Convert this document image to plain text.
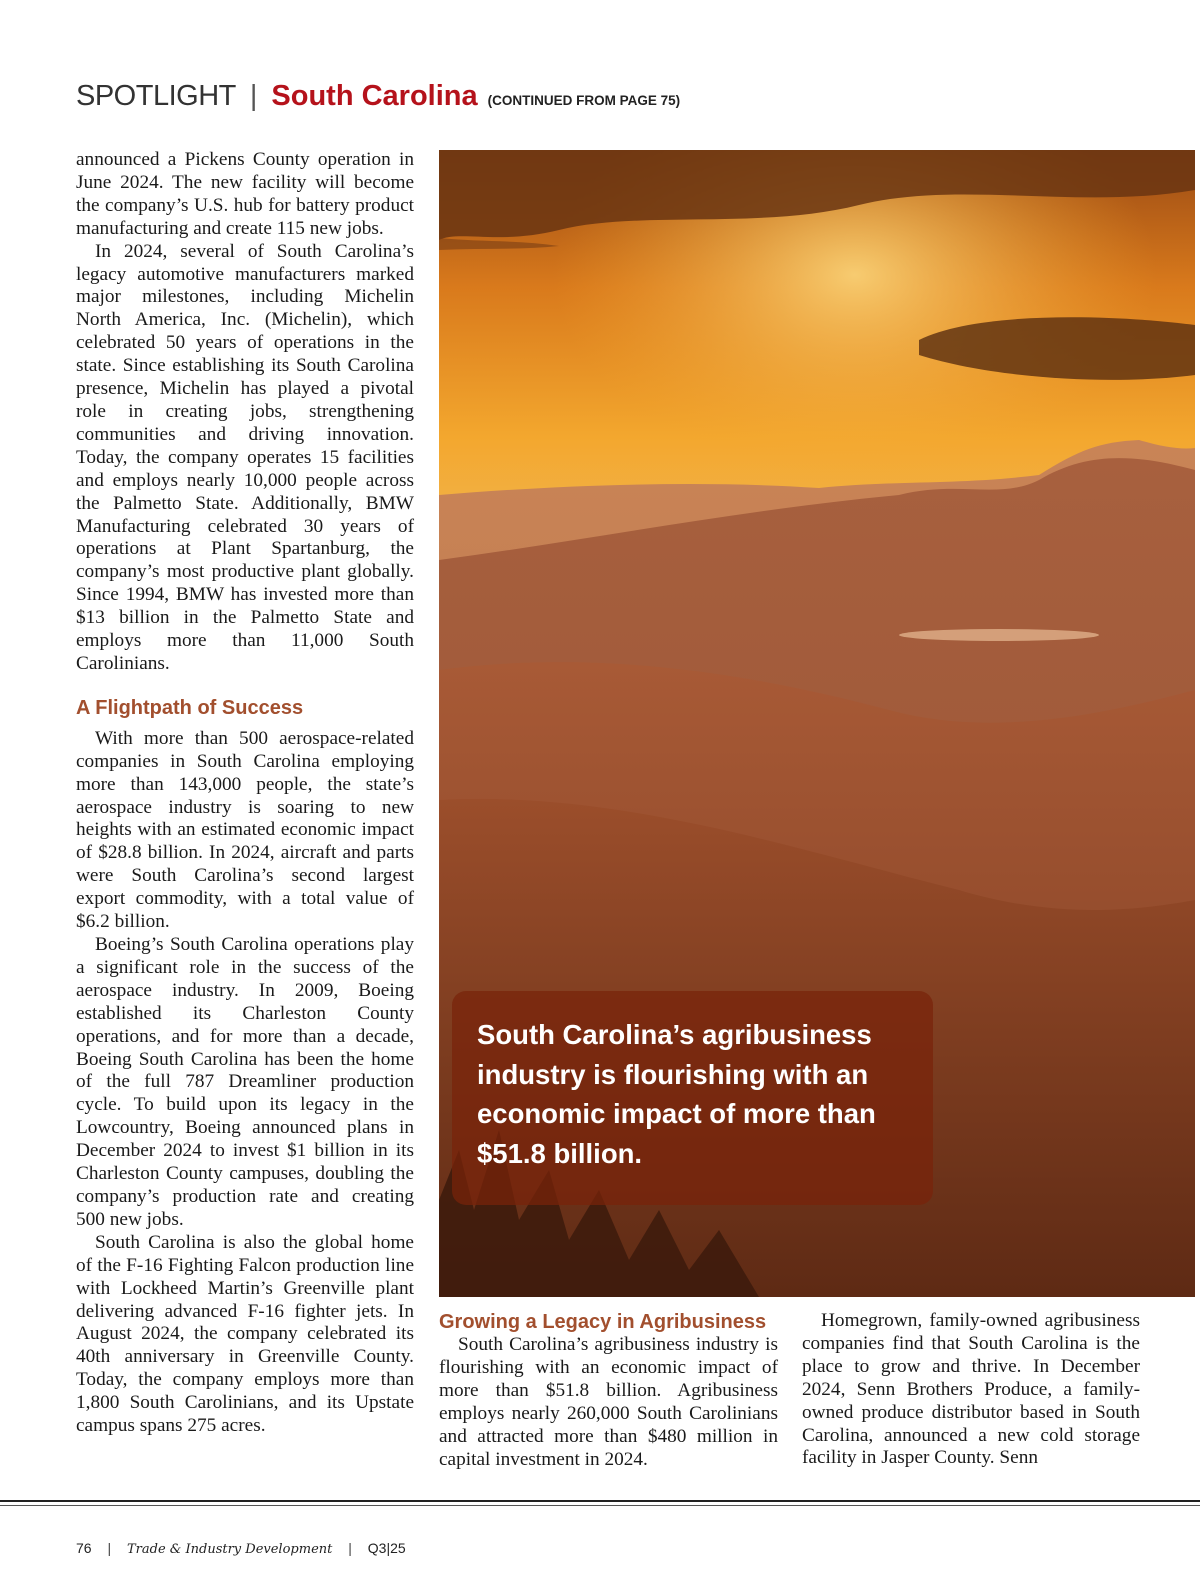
SPOTLIGHT | South Carolina (CONTINUED FROM PAGE 75)

announced a Pickens County operation in June 2024. The new facility will become the company’s U.S. hub for battery product manufacturing and create 115 new jobs.

In 2024, several of South Carolina’s legacy automotive manufacturers marked major milestones, including Michelin North America, Inc. (Michelin), which celebrated 50 years of operations in the state. Since establishing its South Carolina presence, Michelin has played a pivotal role in creating jobs, strengthening communities and driving innovation. Today, the company operates 15 facilities and employs nearly 10,000 people across the Palmetto State. Additionally, BMW Manufacturing celebrated 30 years of operations at Plant Spartanburg, the company’s most productive plant globally. Since 1994, BMW has invested more than $13 billion in the Palmetto State and employs more than 11,000 South Carolinians.

A Flightpath of Success

With more than 500 aerospace-related companies in South Carolina employing more than 143,000 people, the state’s aerospace industry is soaring to new heights with an estimated economic impact of $28.8 billion. In 2024, aircraft and parts were South Carolina’s second largest export commodity, with a total value of $6.2 billion.

Boeing’s South Carolina operations play a significant role in the success of the aerospace industry. In 2009, Boeing established its Charleston County operations, and for more than a decade, Boeing South Carolina has been the home of the full 787 Dreamliner production cycle. To build upon its legacy in the Lowcountry, Boeing announced plans in December 2024 to invest $1 billion in its Charleston County campuses, doubling the company’s production rate and creating 500 new jobs.

South Carolina is also the global home of the F-16 Fighting Falcon production line with Lockheed Martin’s Greenville plant delivering advanced F-16 fighter jets. In August 2024, the company celebrated its 40th anniversary in Greenville County. Today, the company employs more than 1,800 South Carolinians, and its Upstate campus spans 275 acres.

South Carolina’s agribusiness industry is flourishing with an economic impact of more than $51.8 billion.
Growing a Legacy in Agribusiness

South Carolina’s agribusiness industry is flourishing with an economic impact of more than $51.8 billion. Agribusiness employs nearly 260,000 South Carolinians and attracted more than $480 million in capital investment in 2024.

Homegrown, family-owned agribusiness companies find that South Carolina is the place to grow and thrive. In December 2024, Senn Brothers Produce, a family-owned produce distributor based in South Carolina, announced a new cold storage facility in Jasper County. Senn

76 | Trade & Industry Development | Q3|25
